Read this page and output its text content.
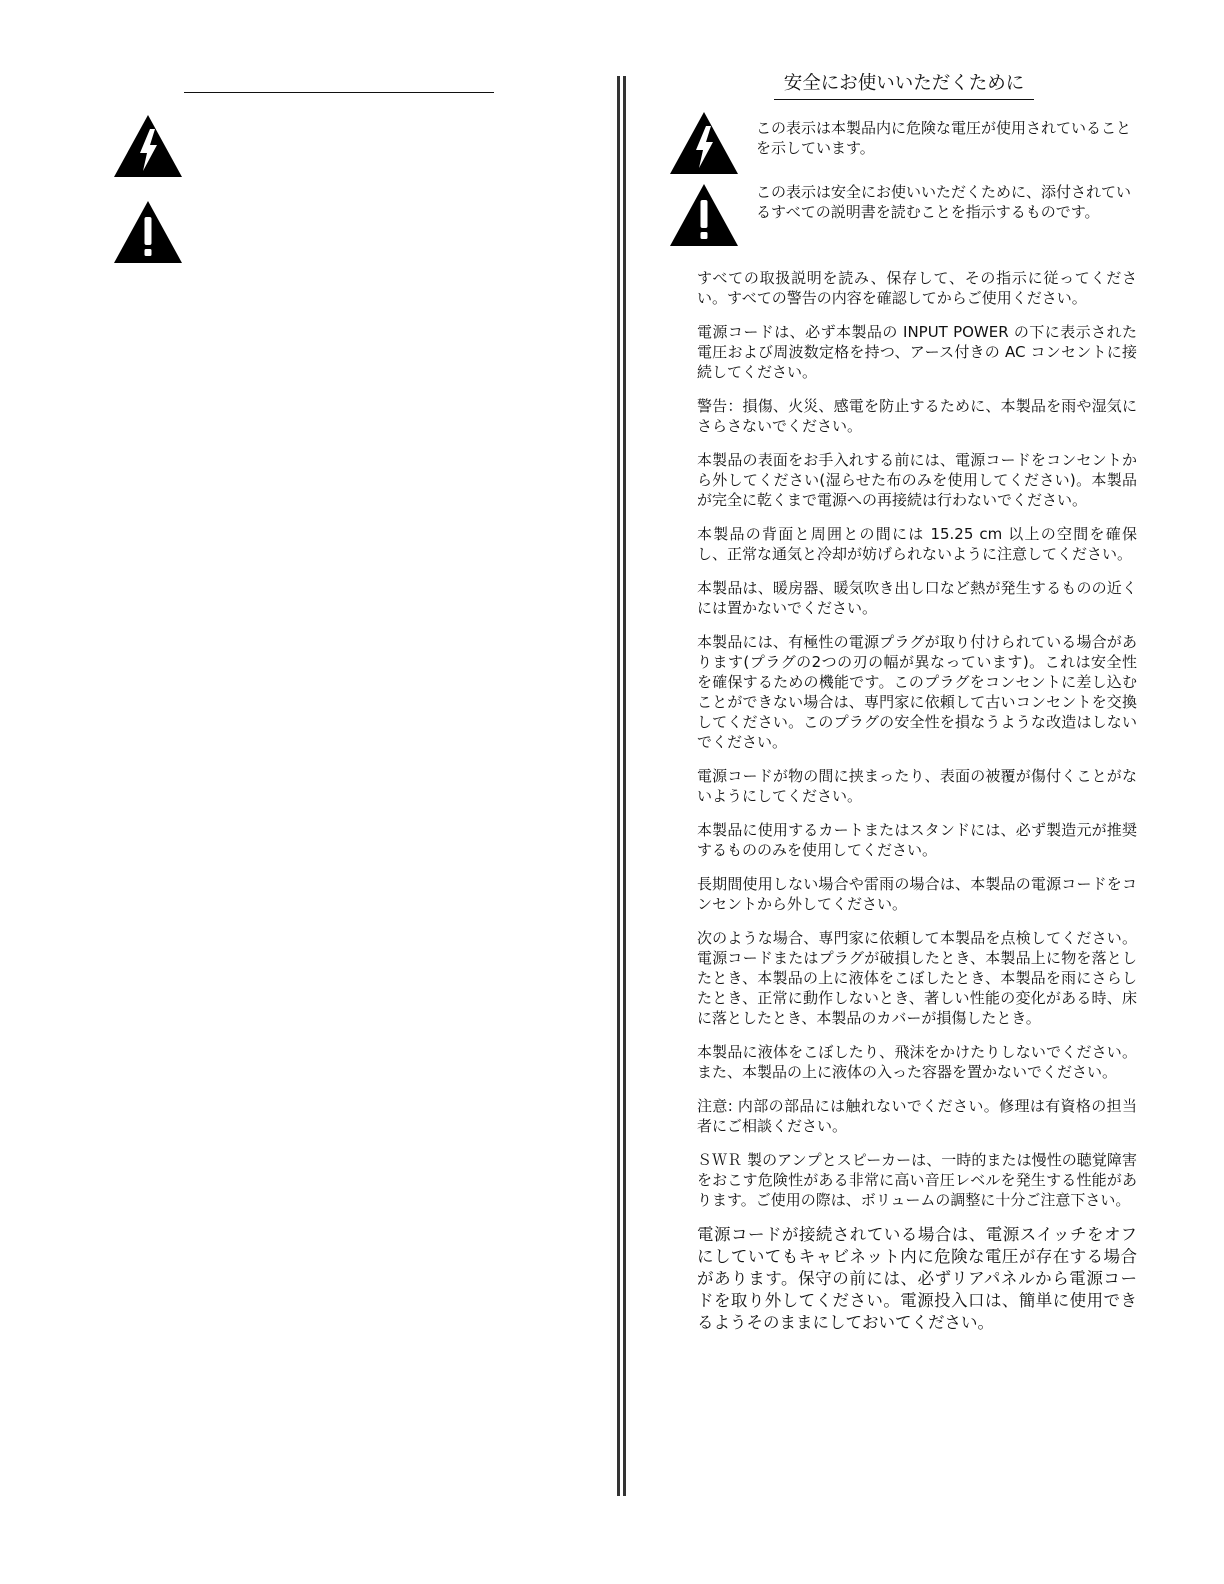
安全にお使いいただくために
この表示は本製品内に危険な電圧が使用されていることを示しています。
この表示は安全にお使いいただくために、添付されているすべての説明書を読むことを指示するものです。

すべての取扱説明を読み、保存して、その指示に従ってください。すべての警告の内容を確認してからご使用ください。

電源コードは、必ず本製品の INPUT POWER の下に表示された電圧および周波数定格を持つ、アース付きの AC コンセントに接続してください。

警告：損傷、火災、感電を防止するために、本製品を雨や湿気にさらさないでください。

本製品の表面をお手入れする前には、電源コードをコンセントから外してください(湿らせた布のみを使用してください)。本製品が完全に乾くまで電源への再接続は行わないでください。

本製品の背面と周囲との間には 15.25 cm 以上の空間を確保し、正常な通気と冷却が妨げられないように注意してください。

本製品は、暖房器、暖気吹き出し口など熱が発生するものの近くには置かないでください。

本製品には、有極性の電源プラグが取り付けられている場合があります(プラグの2つの刃の幅が異なっています)。これは安全性を確保するための機能です。このプラグをコンセントに差し込むことができない場合は、専門家に依頼して古いコンセントを交換してください。このプラグの安全性を損なうような改造はしないでください。

電源コードが物の間に挟まったり、表面の被覆が傷付くことがないようにしてください。

本製品に使用するカートまたはスタンドには、必ず製造元が推奨するもののみを使用してください。

長期間使用しない場合や雷雨の場合は、本製品の電源コードをコンセントから外してください。

次のような場合、専門家に依頼して本製品を点検してください。電源コードまたはプラグが破損したとき、本製品上に物を落としたとき、本製品の上に液体をこぼしたとき、本製品を雨にさらしたとき、正常に動作しないとき、著しい性能の変化がある時、床に落としたとき、本製品のカバーが損傷したとき。

本製品に液体をこぼしたり、飛沫をかけたりしないでください。また、本製品の上に液体の入った容器を置かないでください。

注意: 内部の部品には触れないでください。修理は有資格の担当者にご相談ください。

ＳＷＲ 製のアンプとスピーカーは、一時的または慢性の聴覚障害をおこす危険性がある非常に高い音圧レベルを発生する性能があります。ご使用の際は、ボリュームの調整に十分ご注意下さい。

電源コードが接続されている場合は、電源スイッチをオフにしていてもキャビネット内に危険な電圧が存在する場合があります。保守の前には、必ずリアパネルから電源コードを取り外してください。電源投入口は、簡単に使用できるようそのままにしておいてください。
